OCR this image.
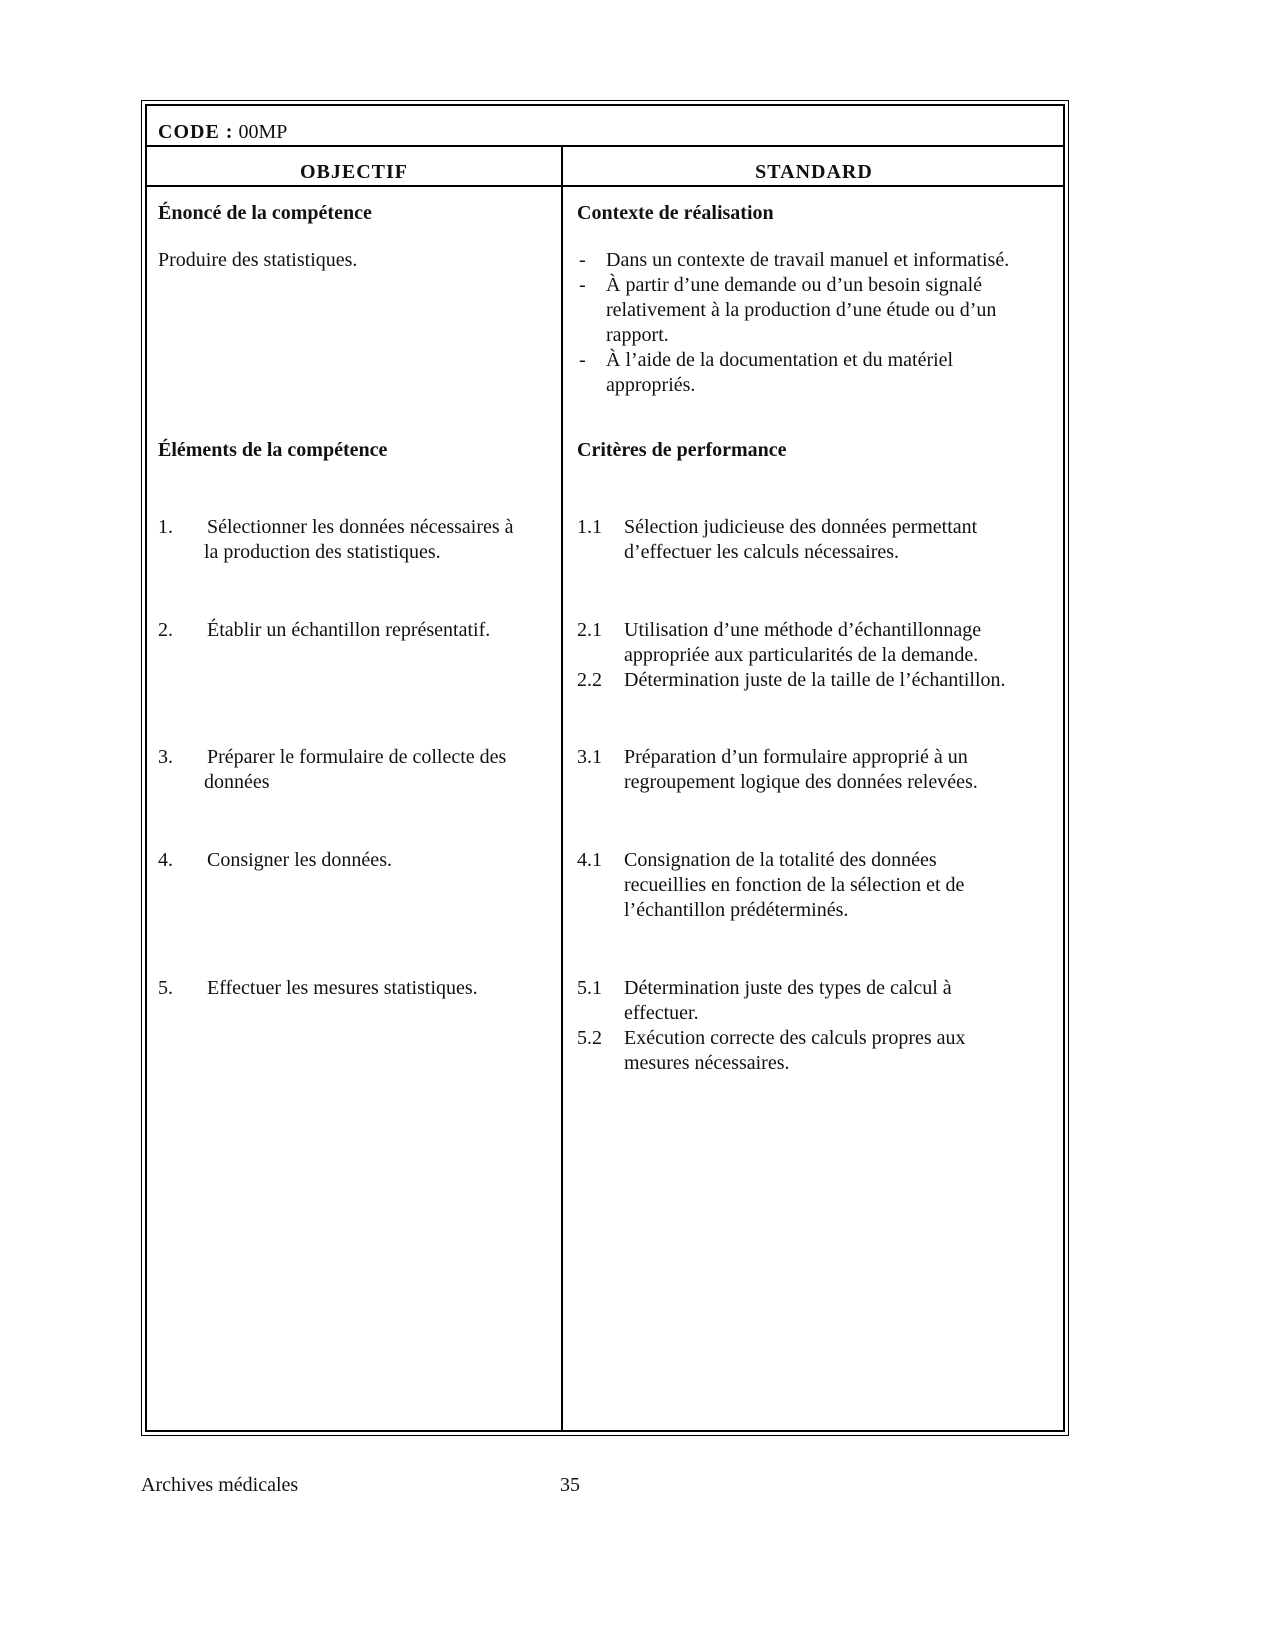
CODE : 00MP
OBJECTIF	STANDARD
Énoncé de la compétence
Produire des statistiques.
Éléments de la compétence
1. Sélectionner les données nécessaires à
la production des statistiques.
2. Établir un échantillon représentatif.
3. Préparer le formulaire de collecte des
données
4. Consigner les données.
5. Effectuer les mesures statistiques.
Contexte de réalisation
- Dans un contexte de travail manuel et informatisé.
- À partir d’une demande ou d’un besoin signalé
relativement à la production d’une étude ou d’un
rapport.
- À l’aide de la documentation et du matériel
appropriés.
Critères de performance
1.1 Sélection judicieuse des données permettant
d’effectuer les calculs nécessaires.
2.1 Utilisation d’une méthode d’échantillonnage
appropriée aux particularités de la demande.
2.2 Détermination juste de la taille de l’échantillon.
3.1 Préparation d’un formulaire approprié à un
regroupement logique des données relevées.
4.1 Consignation de la totalité des données
recueillies en fonction de la sélection et de
l’échantillon prédéterminés.
5.1 Détermination juste des types de calcul à
effectuer.
5.2 Exécution correcte des calculs propres aux
mesures nécessaires.
Archives médicales	35
